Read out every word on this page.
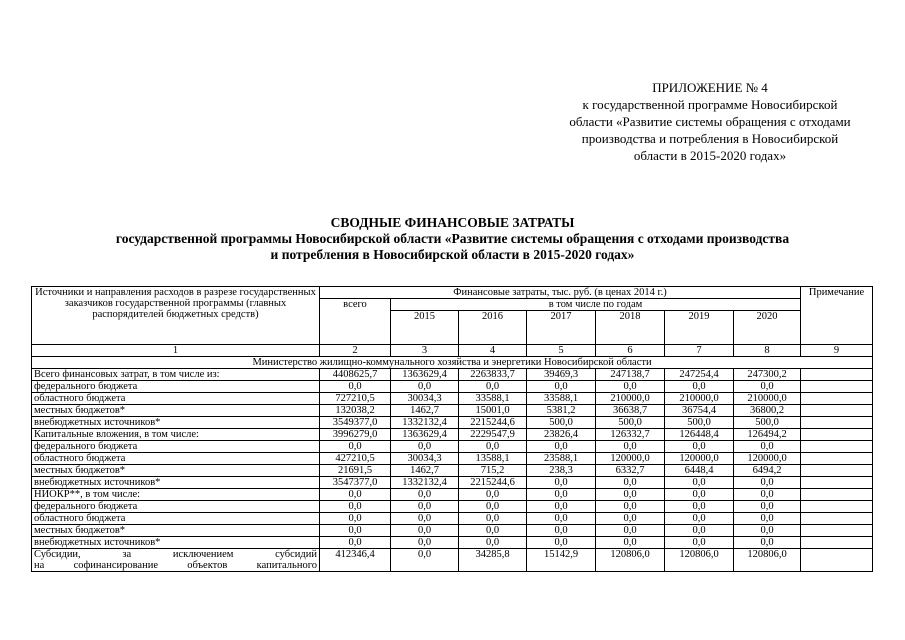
ПРИЛОЖЕНИЕ № 4
к государственной программе Новосибирской
области «Развитие системы обращения с отходами
производства и потребления в Новосибирской
области в 2015-2020 годах»
СВОДНЫЕ ФИНАНСОВЫЕ ЗАТРАТЫ
государственной программы Новосибирской области «Развитие системы обращения с отходами производства
и потребления в Новосибирской области в 2015-2020 годах»
Источники и направления расходов в разрезе государственных заказчиков государственной программы (главных распорядителей бюджетных средств)	Финансовые затраты, тыс. руб. (в ценах 2014 г.)							Примечание
	всего	в том числе по годам						
		2015	2016	2017	2018	2019	2020	
1	2	3	4	5	6	7	8	9
Министерство жилищно-коммунального хозяйства и энергетики Новосибирской области								
Всего финансовых затрат, в том числе из:	4408625,7	1363629,4	2263833,7	39469,3	247138,7	247254,4	247300,2	
федерального бюджета	0,0	0,0	0,0	0,0	0,0	0,0	0,0	
областного бюджета	727210,5	30034,3	33588,1	33588,1	210000,0	210000,0	210000,0	
местных бюджетов*	132038,2	1462,7	15001,0	5381,2	36638,7	36754,4	36800,2	
внебюджетных источников*	3549377,0	1332132,4	2215244,6	500,0	500,0	500,0	500,0	
Капитальные вложения, в том числе:	3996279,0	1363629,4	2229547,9	23826,4	126332,7	126448,4	126494,2	
федерального бюджета	0,0	0,0	0,0	0,0	0,0	0,0	0,0	
областного бюджета	427210,5	30034,3	13588,1	23588,1	120000,0	120000,0	120000,0	
местных бюджетов*	21691,5	1462,7	715,2	238,3	6332,7	6448,4	6494,2	
внебюджетных источников*	3547377,0	1332132,4	2215244,6	0,0	0,0	0,0	0,0	
НИОКР**, в том числе:	0,0	0,0	0,0	0,0	0,0	0,0	0,0	
федерального бюджета	0,0	0,0	0,0	0,0	0,0	0,0	0,0	
областного бюджета	0,0	0,0	0,0	0,0	0,0	0,0	0,0	
местных бюджетов*	0,0	0,0	0,0	0,0	0,0	0,0	0,0	
внебюджетных источников*	0,0	0,0	0,0	0,0	0,0	0,0	0,0	

Субсидии, за исключением субсидий
на софинансирование объектов капитального	412346,4	0,0	34285,8	15142,9	120806,0	120806,0	120806,0	
